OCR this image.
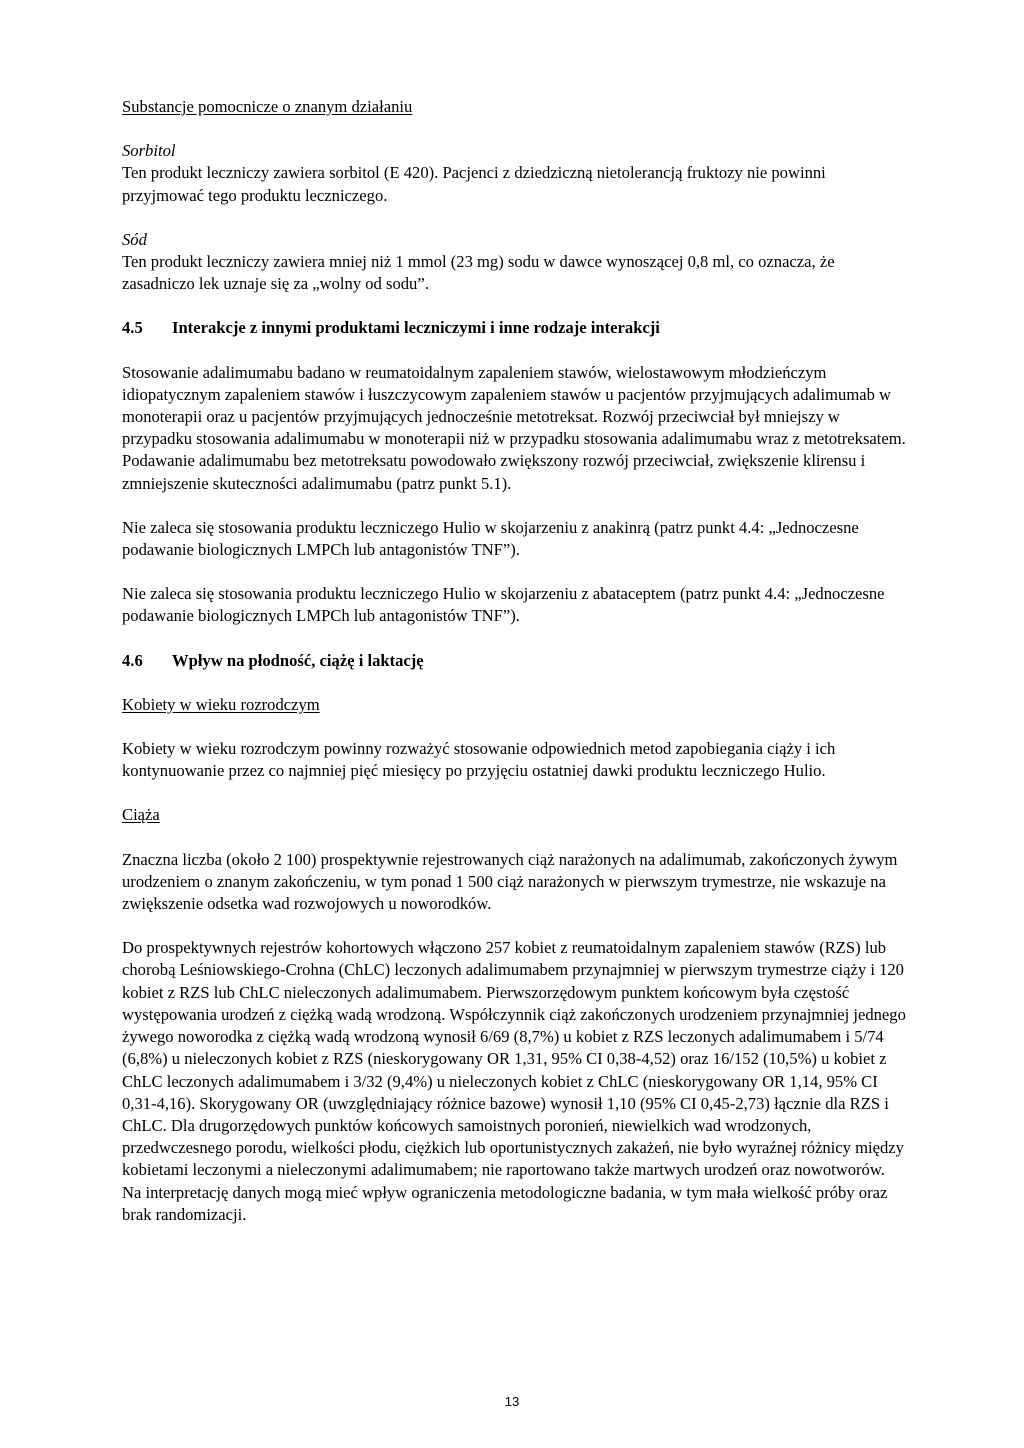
Substancje pomocnicze o znanym działaniu

Sorbitol

Ten produkt leczniczy zawiera sorbitol (E 420). Pacjenci z dziedziczną nietolerancją fruktozy nie powinni przyjmować tego produktu leczniczego.

Sód

Ten produkt leczniczy zawiera mniej niż 1 mmol (23 mg) sodu w dawce wynoszącej 0,8 ml, co oznacza, że zasadniczo lek uznaje się za „wolny od sodu”.

4.5	Interakcje z innymi produktami leczniczymi i inne rodzaje interakcji

Stosowanie adalimumabu badano w reumatoidalnym zapaleniem stawów, wielostawowym młodzieńczym idiopatycznym zapaleniem stawów i łuszczycowym zapaleniem stawów u pacjentów przyjmujących adalimumab w monoterapii oraz u pacjentów przyjmujących jednocześnie metotreksat. Rozwój przeciwciał był mniejszy w przypadku stosowania adalimumabu w monoterapii niż w przypadku stosowania adalimumabu wraz z metotreksatem. Podawanie adalimumabu bez metotreksatu powodowało zwiększony rozwój przeciwciał, zwiększenie klirensu i zmniejszenie skuteczności adalimumabu (patrz punkt 5.1).

Nie zaleca się stosowania produktu leczniczego Hulio w skojarzeniu z anakinrą (patrz punkt 4.4: „Jednoczesne podawanie biologicznych LMPCh lub antagonistów TNF”).

Nie zaleca się stosowania produktu leczniczego Hulio w skojarzeniu z abataceptem (patrz punkt 4.4: „Jednoczesne podawanie biologicznych LMPCh lub antagonistów TNF”).

4.6	Wpływ na płodność, ciążę i laktację

Kobiety w wieku rozrodczym

Kobiety w wieku rozrodczym powinny rozważyć stosowanie odpowiednich metod zapobiegania ciąży i ich kontynuowanie przez co najmniej pięć miesięcy po przyjęciu ostatniej dawki produktu leczniczego Hulio.

Ciąża

Znaczna liczba (około 2 100) prospektywnie rejestrowanych ciąż narażonych na adalimumab, zakończonych żywym urodzeniem o znanym zakończeniu, w tym ponad 1 500 ciąż narażonych w pierwszym trymestrze, nie wskazuje na zwiększenie odsetka wad rozwojowych u noworodków.

Do prospektywnych rejestrów kohortowych włączono 257 kobiet z reumatoidalnym zapaleniem stawów (RZS) lub chorobą Leśniowskiego-Crohna (ChLC) leczonych adalimumabem przynajmniej w pierwszym trymestrze ciąży i 120 kobiet z RZS lub ChLC nieleczonych adalimumabem. Pierwszorzędowym punktem końcowym była częstość występowania urodzeń z ciężką wadą wrodzoną. Współczynnik ciąż zakończonych urodzeniem przynajmniej jednego żywego noworodka z ciężką wadą wrodzoną wynosił 6/69 (8,7%) u kobiet z RZS leczonych adalimumabem i 5/74 (6,8%) u nieleczonych kobiet z RZS (nieskorygowany OR 1,31, 95% CI 0,38-4,52) oraz 16/152 (10,5%) u kobiet z ChLC leczonych adalimumabem i 3/32 (9,4%) u nieleczonych kobiet z ChLC (nieskorygowany OR 1,14, 95% CI 0,31-4,16). Skorygowany OR (uwzględniający różnice bazowe) wynosił 1,10 (95% CI 0,45-2,73) łącznie dla RZS i ChLC. Dla drugorzędowych punktów końcowych samoistnych poronień, niewielkich wad wrodzonych, przedwczesnego porodu, wielkości płodu, ciężkich lub oportunistycznych zakażeń, nie było wyraźnej różnicy między kobietami leczonymi a nieleczonymi adalimumabem; nie raportowano także martwych urodzeń oraz nowotworów. Na interpretację danych mogą mieć wpływ ograniczenia metodologiczne badania, w tym mała wielkość próby oraz brak randomizacji.

13
